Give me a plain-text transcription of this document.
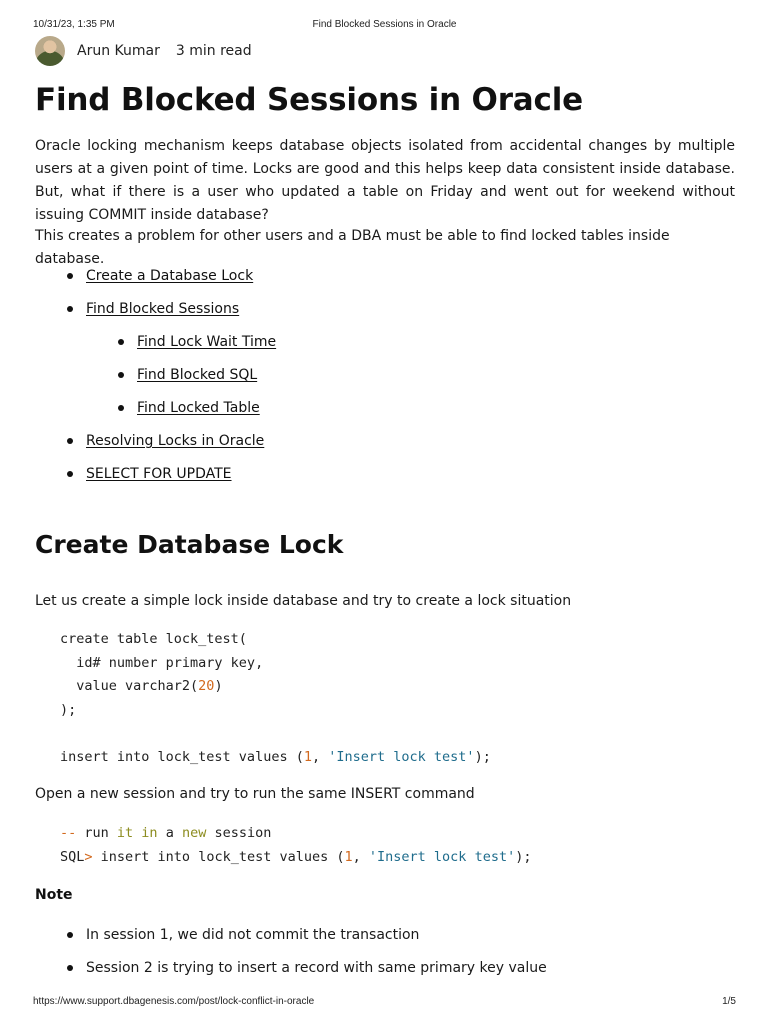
10/31/23, 1:35 PM	Find Blocked Sessions in Oracle
Arun Kumar 3 min read
Find Blocked Sessions in Oracle

Oracle locking mechanism keeps database objects isolated from accidental changes by multiple users at a given point of time. Locks are good and this helps keep data consistent inside database. But, what if there is a user who updated a table on Friday and went out for weekend without issuing COMMIT inside database?

This creates a problem for other users and a DBA must be able to find locked tables inside database.

Create a Database Lock
Find Blocked Sessions
Find Lock Wait Time
Find Blocked SQL
Find Locked Table
Resolving Locks in Oracle
SELECT FOR UPDATE
Create Database Lock

Let us create a simple lock inside database and try to create a lock situation

create table lock_test(
id# number primary key,
value varchar2(20)
);

insert into lock_test values (1, 'Insert lock test');

Open a new session and try to run the same INSERT command

-- run it in a new session
SQL> insert into lock_test values (1, 'Insert lock test');
Note
In session 1, we did not commit the transaction
Session 2 is trying to insert a record with same primary key value
https://www.support.dbagenesis.com/post/lock-conflict-in-oracle	1/5
